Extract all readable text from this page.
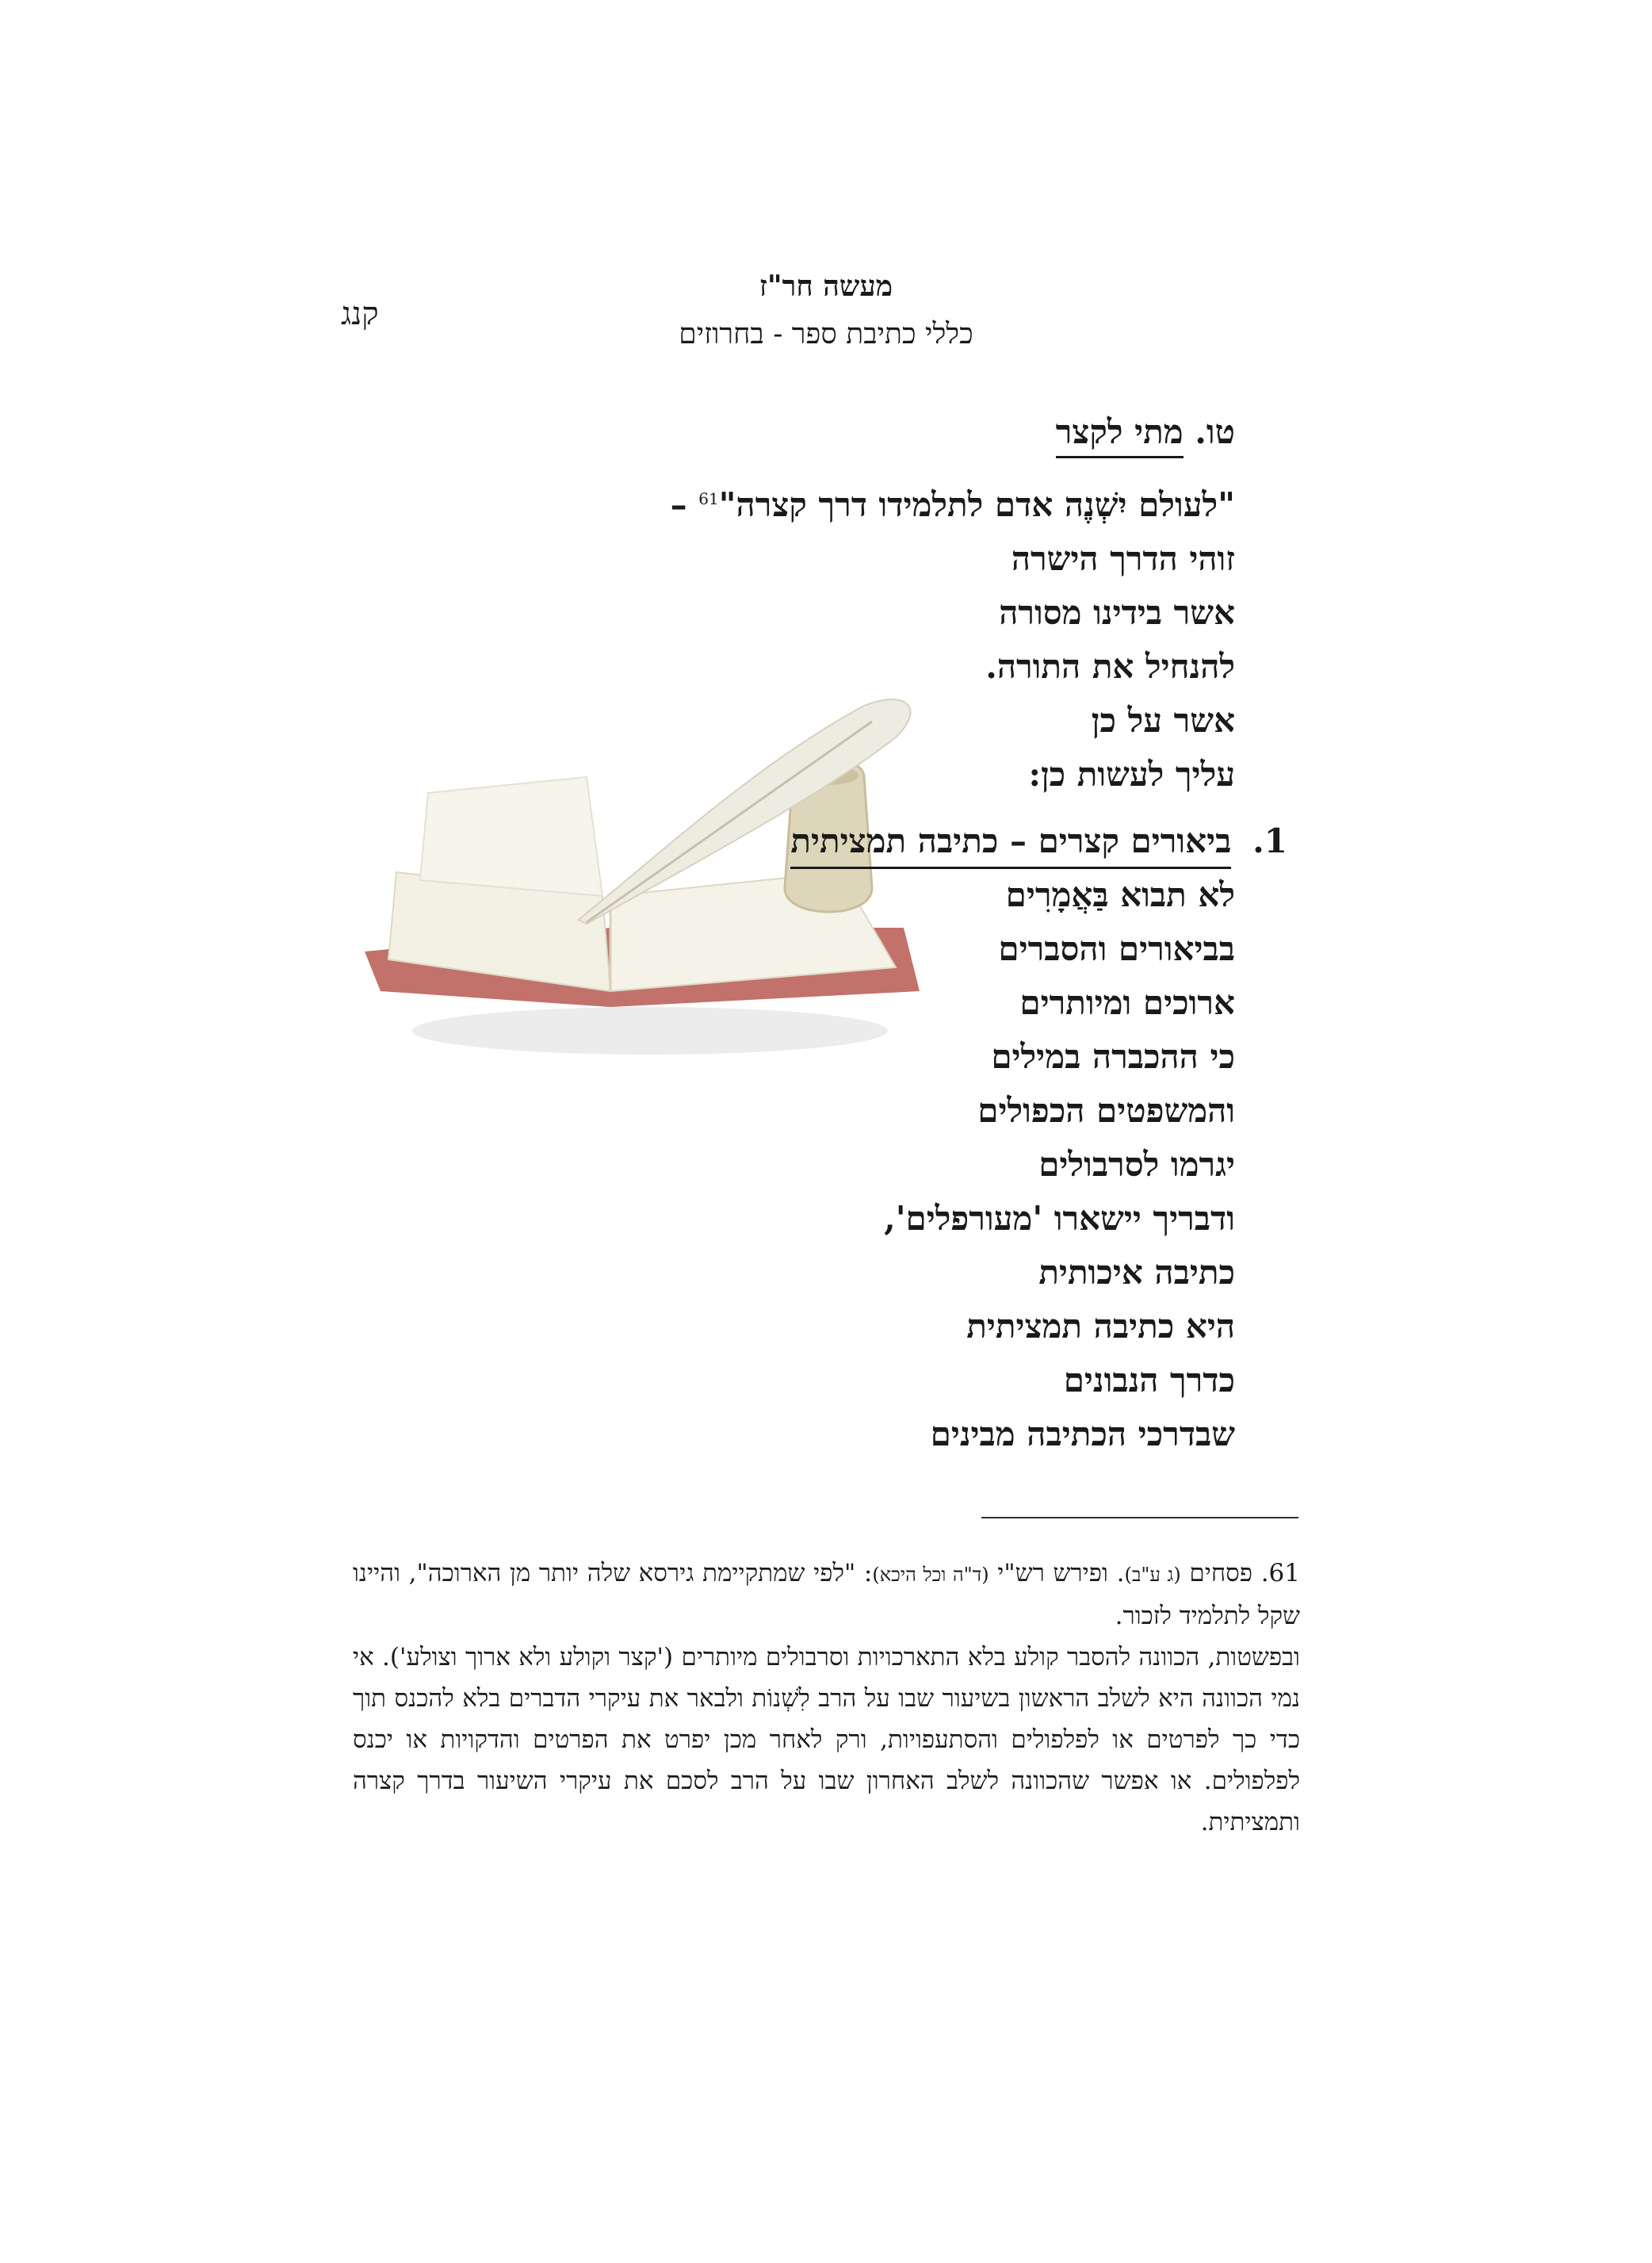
מעשה חר"ז
כללי כתיבת ספר - בחרוזים
קנג
טו. מתי לקצר
"לעולם יִשְׁנֶה אדם לתלמידו דרך קצרה"$^{61}$ –
זוהי הדרך הישרה
אשר בידינו מסורה
להנחיל את התורה.
אשר על כן
עליך לעשות כן:
1. ביאורים קצרים – כתיבה תמציתית
לא תבוא בַּאֲמָרִים
בביאורים והסברים
ארוכים ומיותרים
כי ההכברה במילים
והמשפטים הכפולים
יגרמו לסרבולים
ודבריך יישארו 'מעורפלים',
כתיבה איכותית
היא כתיבה תמציתית
כדרך הנבונים
שבדרכי הכתיבה מבינים

61. פסחים (ג ע"ב). ופירש רש"י (ד"ה וכל היכא): "לפי שמתקיימת גירסא שלה יותר מן הארוכה", והיינו שקל לתלמיד לזכור.

ובפשטות, הכוונה להסבר קולע בלא התארכויות וסרבולים מיותרים ('קצר וקולע ולא ארוך וצולע'). אי נמי הכוונה היא לשלב הראשון בשיעור שבו על הרב לִשְׁנוֹת ולבאר את עיקרי הדברים בלא להכנס תוך כדי כך לפרטים או לפלפולים והסתעפויות, ורק לאחר מכן יפרט את הפרטים והדקויות או יכנס לפלפולים. או אפשר שהכוונה לשלב האחרון שבו על הרב לסכם את עיקרי השיעור בדרך קצרה ותמציתית.
